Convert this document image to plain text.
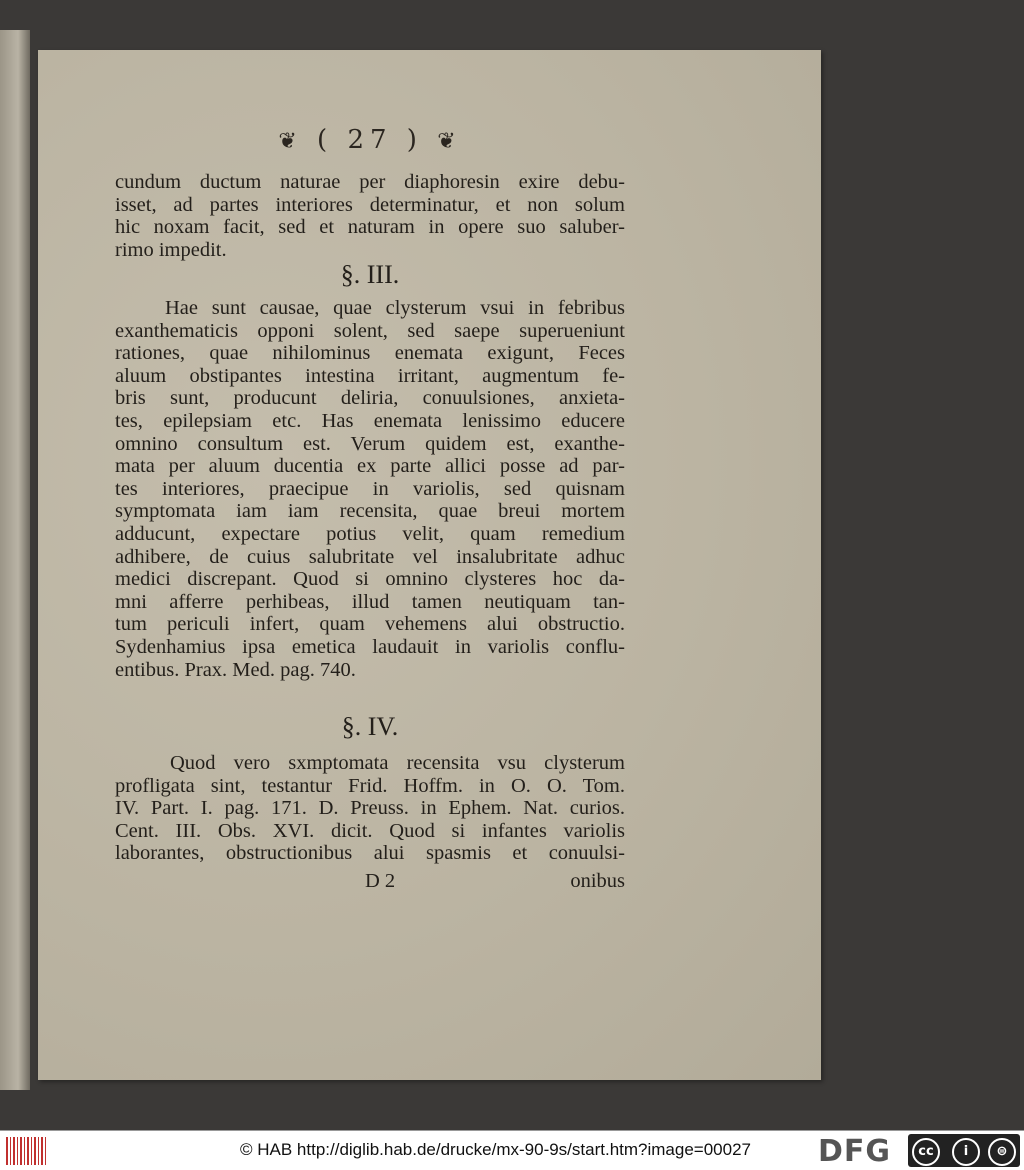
❦ ( 27 ) ❦
cundum ductum naturae per diaphoresin exire debu-
isset, ad partes interiores determinatur, et non solum
hic noxam facit, sed et naturam in opere suo saluber-
rimo impedit.
§. III.
Hae sunt causae, quae clysterum vsui in febribus
exanthematicis opponi solent, sed saepe superueniunt
rationes, quae nihilominus enemata exigunt, Feces
aluum obstipantes intestina irritant, augmentum fe-
bris sunt, producunt deliria, conuulsiones, anxieta-
tes, epilepsiam etc. Has enemata lenissimo educere
omnino consultum est. Verum quidem est, exanthe-
mata per aluum ducentia ex parte allici posse ad par-
tes interiores, praecipue in variolis, sed quisnam
symptomata iam iam recensita, quae breui mortem
adducunt, expectare potius velit, quam remedium
adhibere, de cuius salubritate vel insalubritate adhuc
medici discrepant. Quod si omnino clysteres hoc da-
mni afferre perhibeas, illud tamen neutiquam tan-
tum periculi infert, quam vehemens alui obstructio.
Sydenhamius ipsa emetica laudauit in variolis conflu-
entibus. Prax. Med. pag. 740.
§. IV.
Quod vero sxmptomata recensita vsu clysterum
profligata sint, testantur Frid. Hoffm. in O. O. Tom.
IV. Part. I. pag. 171. D. Preuss. in Ephem. Nat. curios.
Cent. III. Obs. XVI. dicit. Quod si infantes variolis
laborantes, obstructionibus alui spasmis et conuulsi-
D 2	onibus
© HAB http://diglib.hab.de/drucke/mx-90-9s/start.htm?image=00027 DFG	cc	i	⊜
